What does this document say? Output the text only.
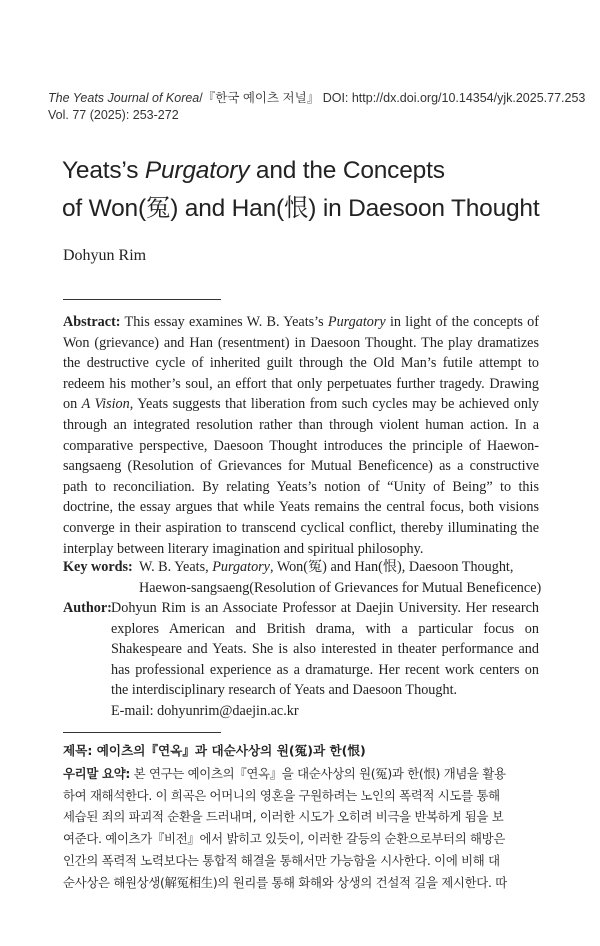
The Yeats Journal of Korea/『한국 예이츠 저널』 DOI: http://dx.doi.org/10.14354/yjk.2025.77.253
Vol. 77 (2025): 253-272
Yeats’s Purgatory and the Concepts
of Won(冤) and Han(恨) in Daesoon Thought
Dohyun Rim
Abstract: This essay examines W. B. Yeats’s Purgatory in light of the concepts of Won (grievance) and Han (resentment) in Daesoon Thought. The play dramatizes the destructive cycle of inherited guilt through the Old Man’s futile attempt to redeem his mother’s soul, an effort that only perpetuates further tragedy. Drawing on A Vision, Yeats suggests that liberation from such cycles may be achieved only through an integrated resolution rather than through violent human action. In a comparative perspective, Daesoon Thought introduces the principle of Haewon-sangsaeng (Resolution of Grievances for Mutual Beneficence) as a constructive path to reconciliation. By relating Yeats’s notion of “Unity of Being” to this doctrine, the essay argues that while Yeats remains the central focus, both visions converge in their aspiration to transcend cyclical conflict, thereby illuminating the interplay between literary imagination and spiritual philosophy.
Key words: W. B. Yeats, Purgatory, Won(冤) and Han(恨), Daesoon Thought,
Haewon-sangsaeng(Resolution of Grievances for Mutual Beneficence)
Author: Dohyun Rim is an Associate Professor at Daejin University. Her research explores American and British drama, with a particular focus on Shakespeare and Yeats. She is also interested in theater performance and has professional experience as a dramaturge. Her recent work centers on the interdisciplinary research of Yeats and Daesoon Thought.
E-mail: dohyunrim@daejin.ac.kr
제목: 예이츠의『연옥』과 대순사상의 원(冤)과 한(恨)
우리말 요약: 본 연구는 예이츠의『연옥』을 대순사상의 원(冤)과 한(恨) 개념을 활용
하여 재해석한다. 이 희곡은 어머니의 영혼을 구원하려는 노인의 폭력적 시도를 통해
세습된 죄의 파괴적 순환을 드러내며, 이러한 시도가 오히려 비극을 반복하게 됨을 보
여준다. 예이츠가『비전』에서 밝히고 있듯이, 이러한 갈등의 순환으로부터의 해방은
인간의 폭력적 노력보다는 통합적 해결을 통해서만 가능함을 시사한다. 이에 비해 대
순사상은 해원상생(解冤相生)의 원리를 통해 화해와 상생의 건설적 길을 제시한다. 따
